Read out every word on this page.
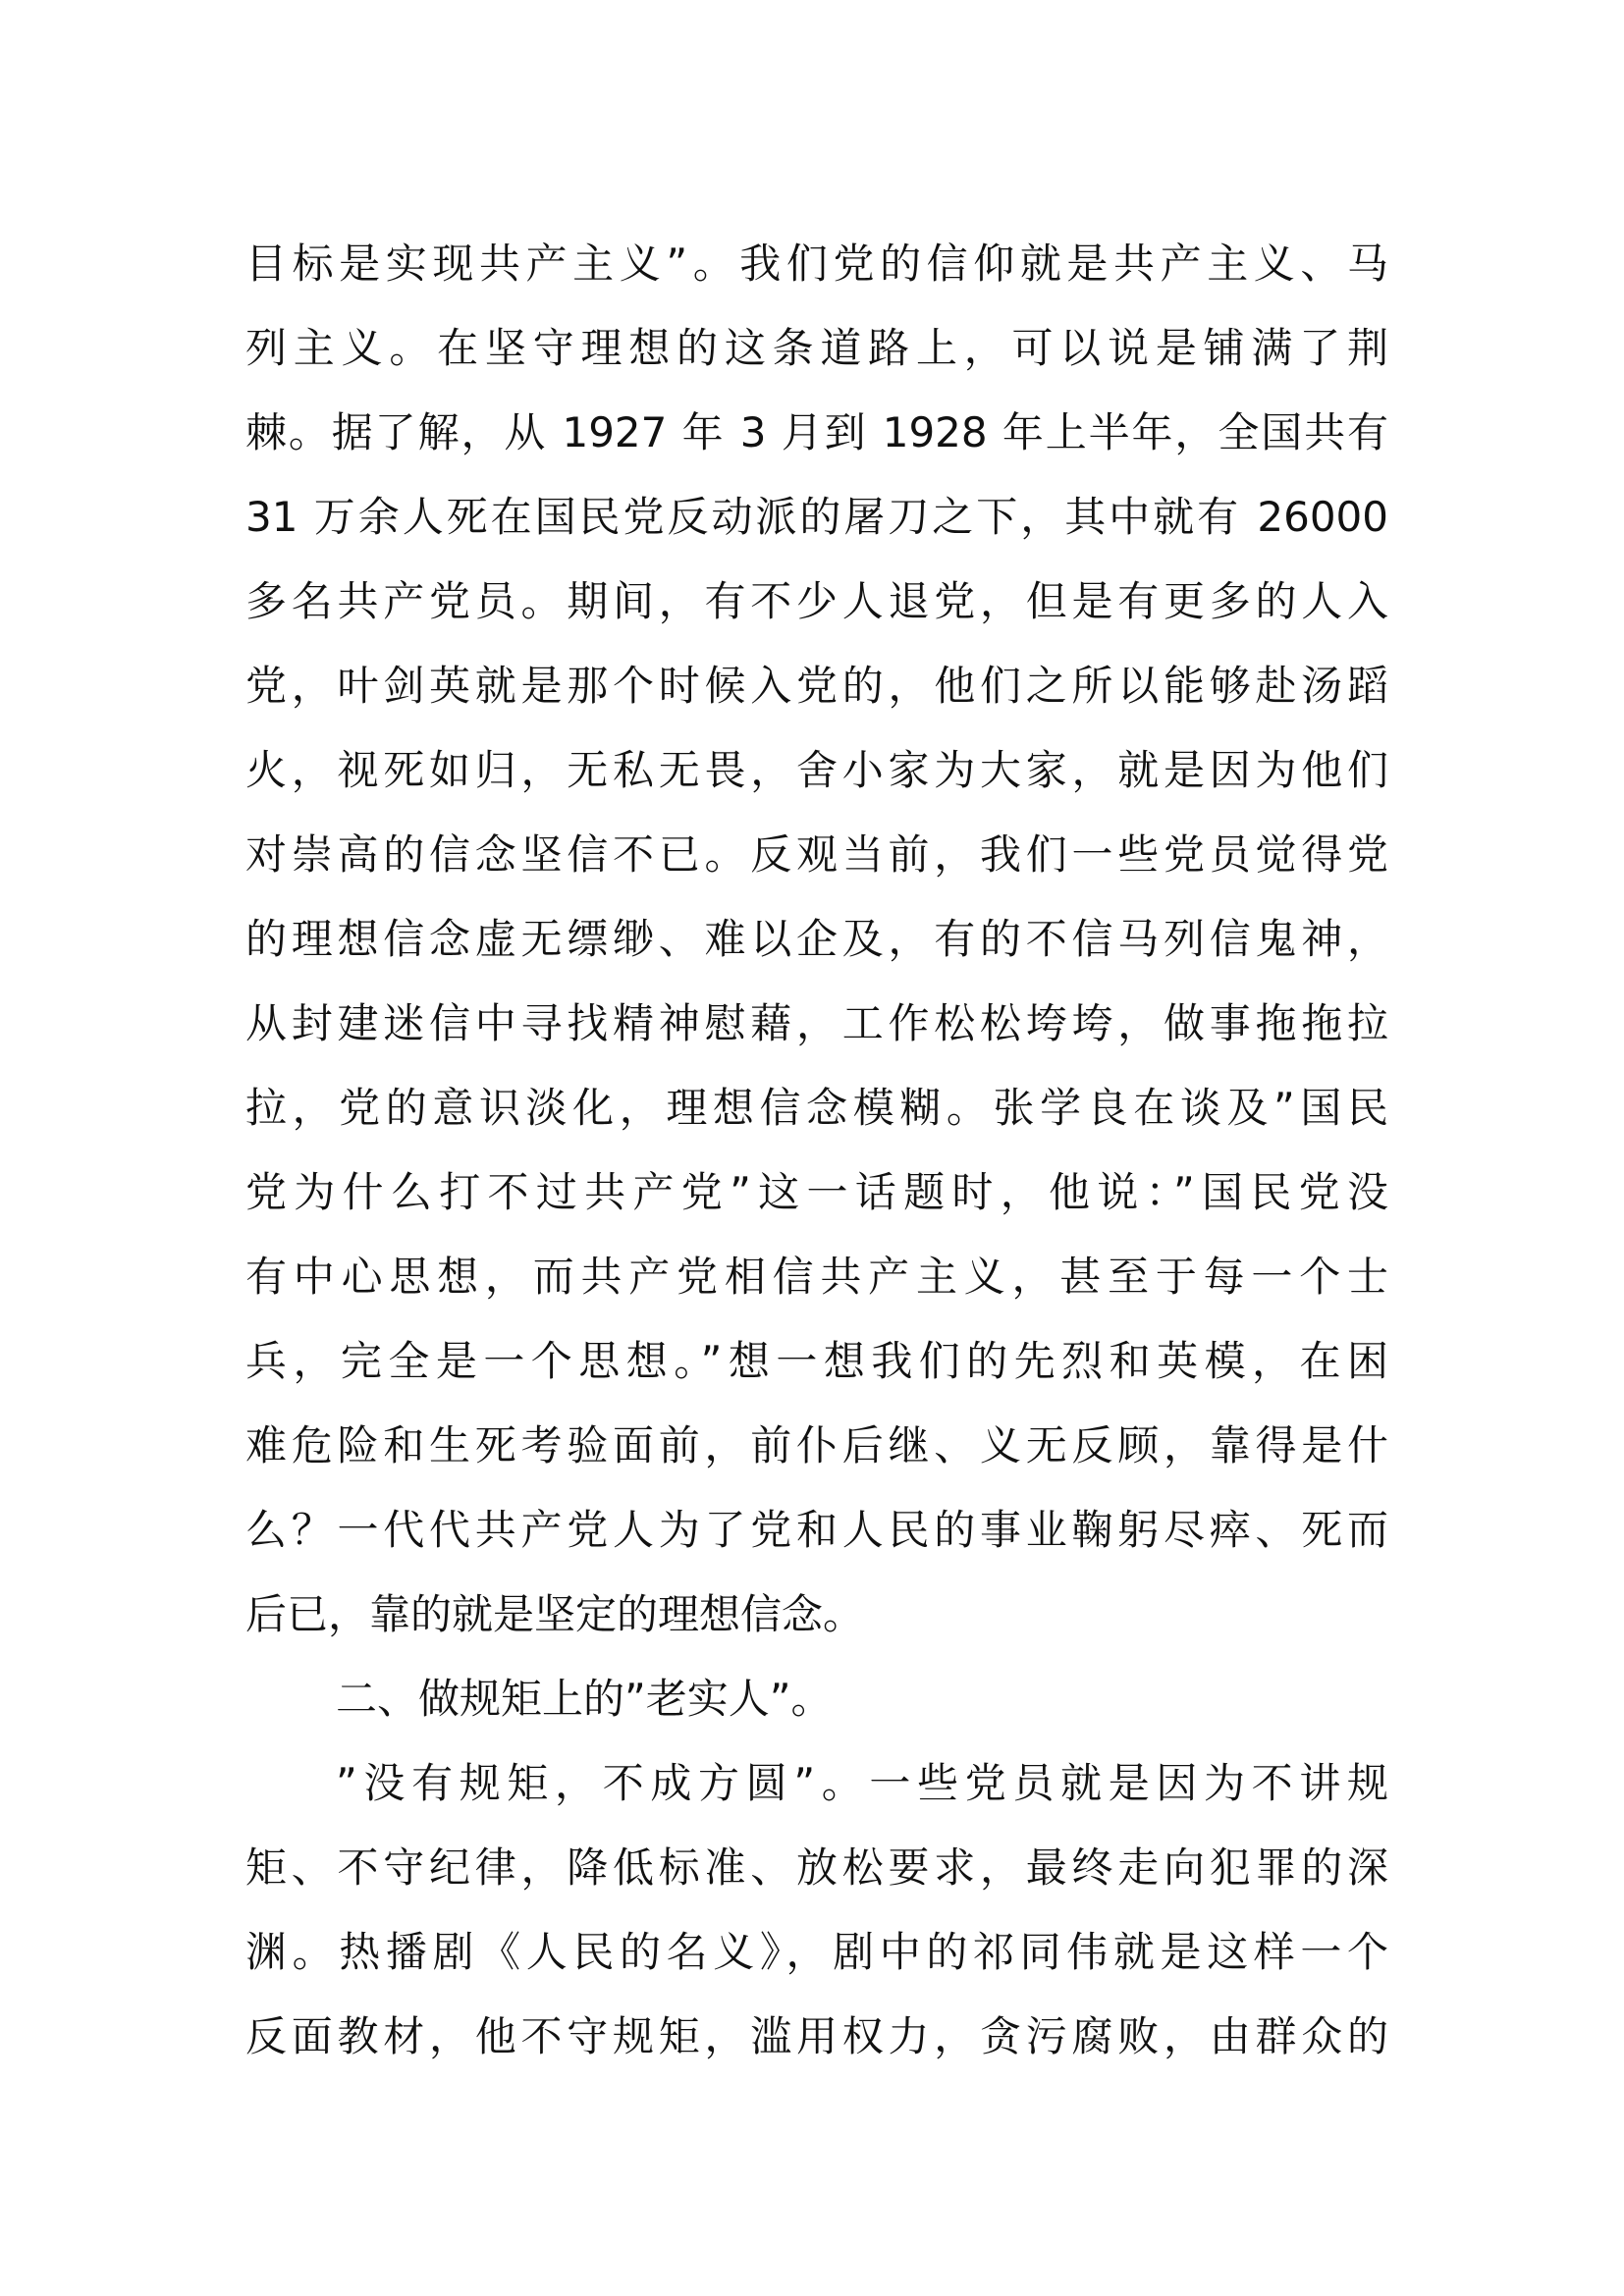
目标是实现共产主义”。我们党的信仰就是共产主义、马
列主义。在坚守理想的这条道路上，可以说是铺满了荆
棘。据了解，从 1927 年 3 月到 1928 年上半年，全国共有
31 万余人死在国民党反动派的屠刀之下，其中就有 26000
多名共产党员。期间，有不少人退党，但是有更多的人入
党，叶剑英就是那个时候入党的，他们之所以能够赴汤蹈
火，视死如归，无私无畏，舍小家为大家，就是因为他们
对崇高的信念坚信不已。反观当前，我们一些党员觉得党
的理想信念虚无缥缈、难以企及，有的不信马列信鬼神，
从封建迷信中寻找精神慰藉，工作松松垮垮，做事拖拖拉
拉，党的意识淡化，理想信念模糊。张学良在谈及”国民
党为什么打不过共产党”这一话题时，他说：”国民党没
有中心思想，而共产党相信共产主义，甚至于每一个士
兵，完全是一个思想。”想一想我们的先烈和英模，在困
难危险和生死考验面前，前仆后继、义无反顾，靠得是什
么？一代代共产党人为了党和人民的事业鞠躬尽瘁、死而
后已，靠的就是坚定的理想信念。
二、做规矩上的”老实人”。
”没有规矩，不成方圆”。一些党员就是因为不讲规
矩、不守纪律，降低标准、放松要求，最终走向犯罪的深
渊。热播剧《人民的名义》，剧中的祁同伟就是这样一个
反面教材，他不守规矩，滥用权力，贪污腐败，由群众的
